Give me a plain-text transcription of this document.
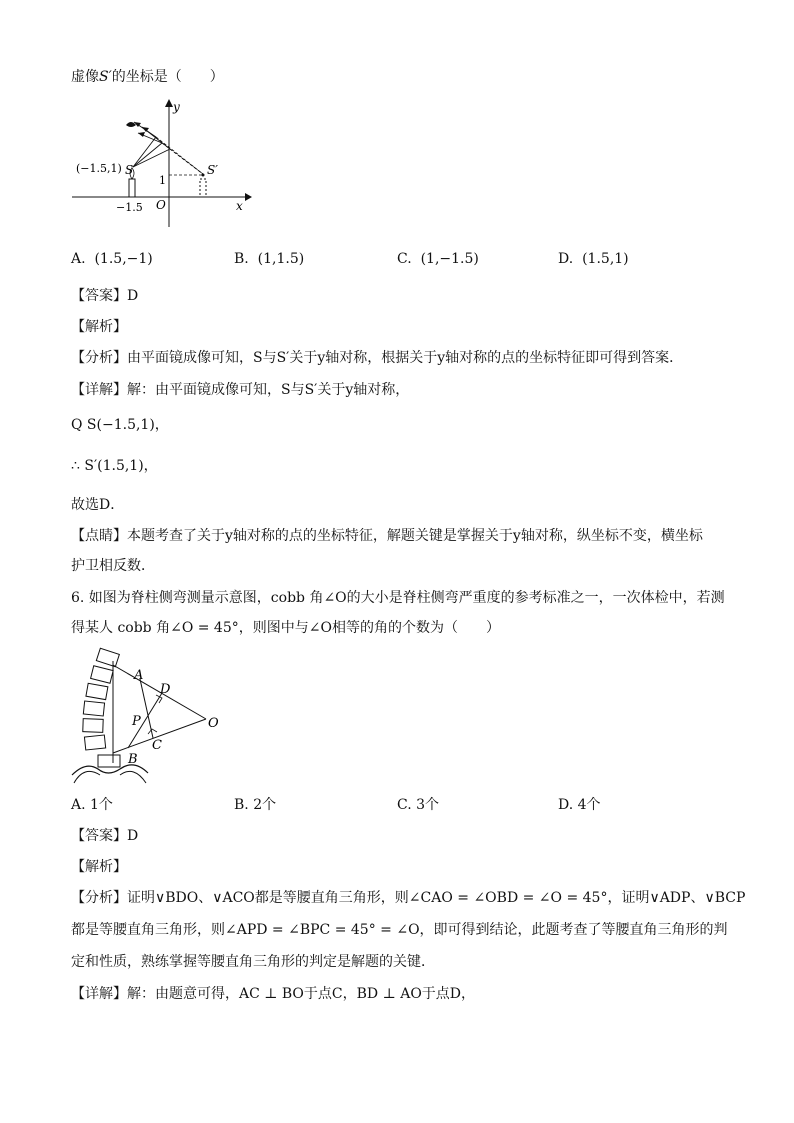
虚像S′的坐标是（　　）
y
x
O
S	S′
(−1.5,1)
−1.5
1
A. (1.5,−1)	B. (1,1.5)	C. (1,−1.5)	D. (1.5,1)
【答案】D
【解析】
【分析】由平面镜成像可知，S与S′关于y轴对称，根据关于y轴对称的点的坐标特征即可得到答案．
【详解】解：由平面镜成像可知，S与S′关于y轴对称，
Q S(−1.5,1)，
∴ S′(1.5,1)，
故选D．
【点睛】本题考查了关于y轴对称的点的坐标特征，解题关键是掌握关于y轴对称，纵坐标不变，横坐标
护卫相反数．
6. 如图为脊柱侧弯测量示意图，cobb 角∠O的大小是脊柱侧弯严重度的参考标准之一，一次体检中，若测
得某人 cobb 角∠O = 45°，则图中与∠O相等的角的个数为（　　）
A
D
O
P
C
B
A. 1个	B. 2个	C. 3个	D. 4个
【答案】D
【解析】
【分析】证明∨BDO、∨ACO都是等腰直角三角形，则∠CAO = ∠OBD = ∠O = 45°，证明∨ADP、∨BCP
都是等腰直角三角形，则∠APD = ∠BPC = 45° = ∠O，即可得到结论，此题考查了等腰直角三角形的判
定和性质，熟练掌握等腰直角三角形的判定是解题的关键．
【详解】解：由题意可得，AC ⊥ BO于点C，BD ⊥ AO于点D，
